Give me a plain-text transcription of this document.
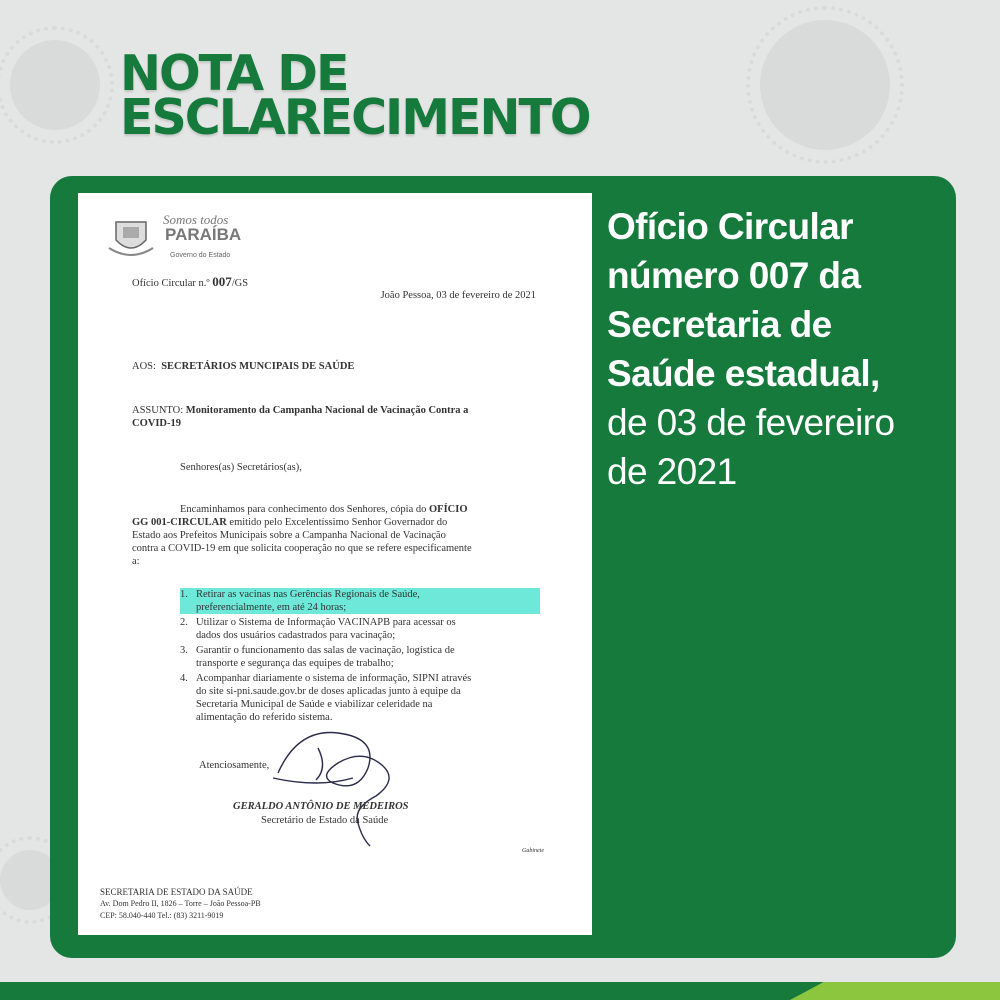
NOTA DE
ESCLARECIMENTO
Somos todos
PARAÍBA
Governo do Estado
Ofício Circular n.º 007/GS
João Pessoa, 03 de fevereiro de 2021
AOS: SECRETÁRIOS MUNCIPAIS DE SAÚDE
ASSUNTO: Monitoramento da Campanha Nacional de Vacinação Contra a
COVID-19
Senhores(as) Secretários(as),
Encaminhamos para conhecimento dos Senhores, cópia do OFÍCIO
GG 001-CIRCULAR emitido pelo Excelentíssimo Senhor Governador do
Estado aos Prefeitos Municipais sobre a Campanha Nacional de Vacinação
contra a COVID-19 em que solicita cooperação no que se refere especificamente
a:
1. Retirar as vacinas nas Gerências Regionais de Saúde,
preferencialmente, em até 24 horas;
2. Utilizar o Sistema de Informação VACINAPB para acessar os
dados dos usuários cadastrados para vacinação;
3. Garantir o funcionamento das salas de vacinação, logística de
transporte e segurança das equipes de trabalho;
4. Acompanhar diariamente o sistema de informação, SIPNI através
do site si-pni.saude.gov.br de doses aplicadas junto à equipe da
Secretaria Municipal de Saúde e viabilizar celeridade na
alimentação do referido sistema.
Atenciosamente,
GERALDO ANTÔNIO DE MEDEIROS
Secretário de Estado da Saúde
Gabinete
SECRETARIA DE ESTADO DA SAÚDE
Av. Dom Pedro II, 1826 – Torre – João Pessoa-PB
CEP: 58.040-440 Tel.: (83) 3211-9019
Ofício Circular
número 007 da
Secretaria de
Saúde estadual,
de 03 de fevereiro
de 2021
